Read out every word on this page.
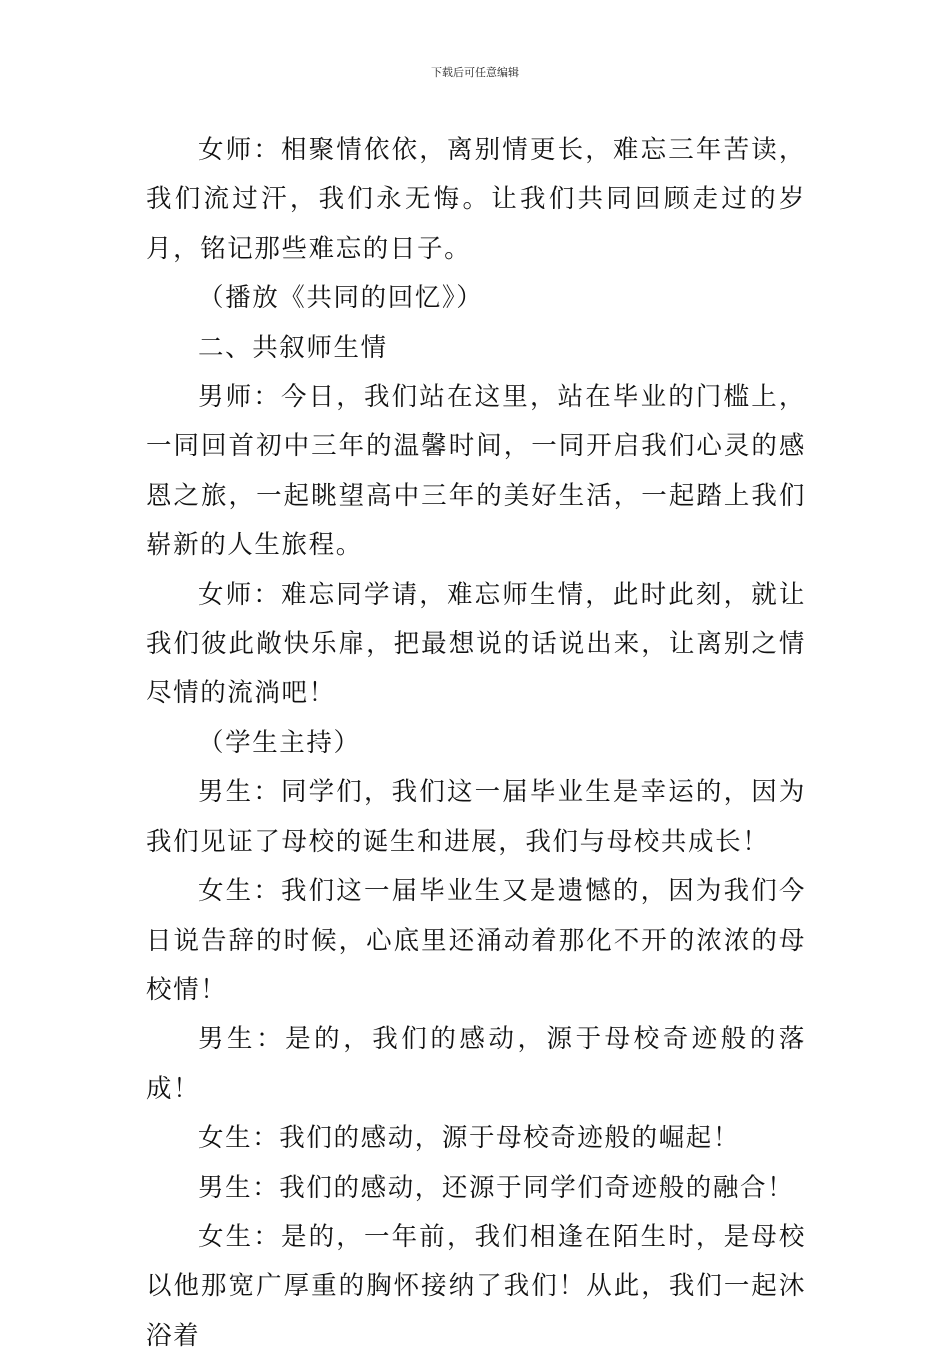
下载后可任意编辑

女师：相聚情依依，离别情更长，难忘三年苦读，我们流过汗，我们永无悔。让我们共同回顾走过的岁月，铭记那些难忘的日子。

（播放《共同的回忆》）

二、共叙师生情

男师：今日，我们站在这里，站在毕业的门槛上，一同回首初中三年的温馨时间，一同开启我们心灵的感恩之旅，一起眺望高中三年的美好生活，一起踏上我们崭新的人生旅程。

女师：难忘同学请，难忘师生情，此时此刻，就让我们彼此敞快乐扉，把最想说的话说出来，让离别之情尽情的流淌吧！

（学生主持）

男生：同学们，我们这一届毕业生是幸运的，因为我们见证了母校的诞生和进展，我们与母校共成长！

女生：我们这一届毕业生又是遗憾的，因为我们今日说告辞的时候，心底里还涌动着那化不开的浓浓的母校情！

男生：是的，我们的感动，源于母校奇迹般的落成！

女生：我们的感动，源于母校奇迹般的崛起！

男生：我们的感动，还源于同学们奇迹般的融合！

女生：是的，一年前，我们相逢在陌生时，是母校以他那宽广厚重的胸怀接纳了我们！从此，我们一起沐浴着
